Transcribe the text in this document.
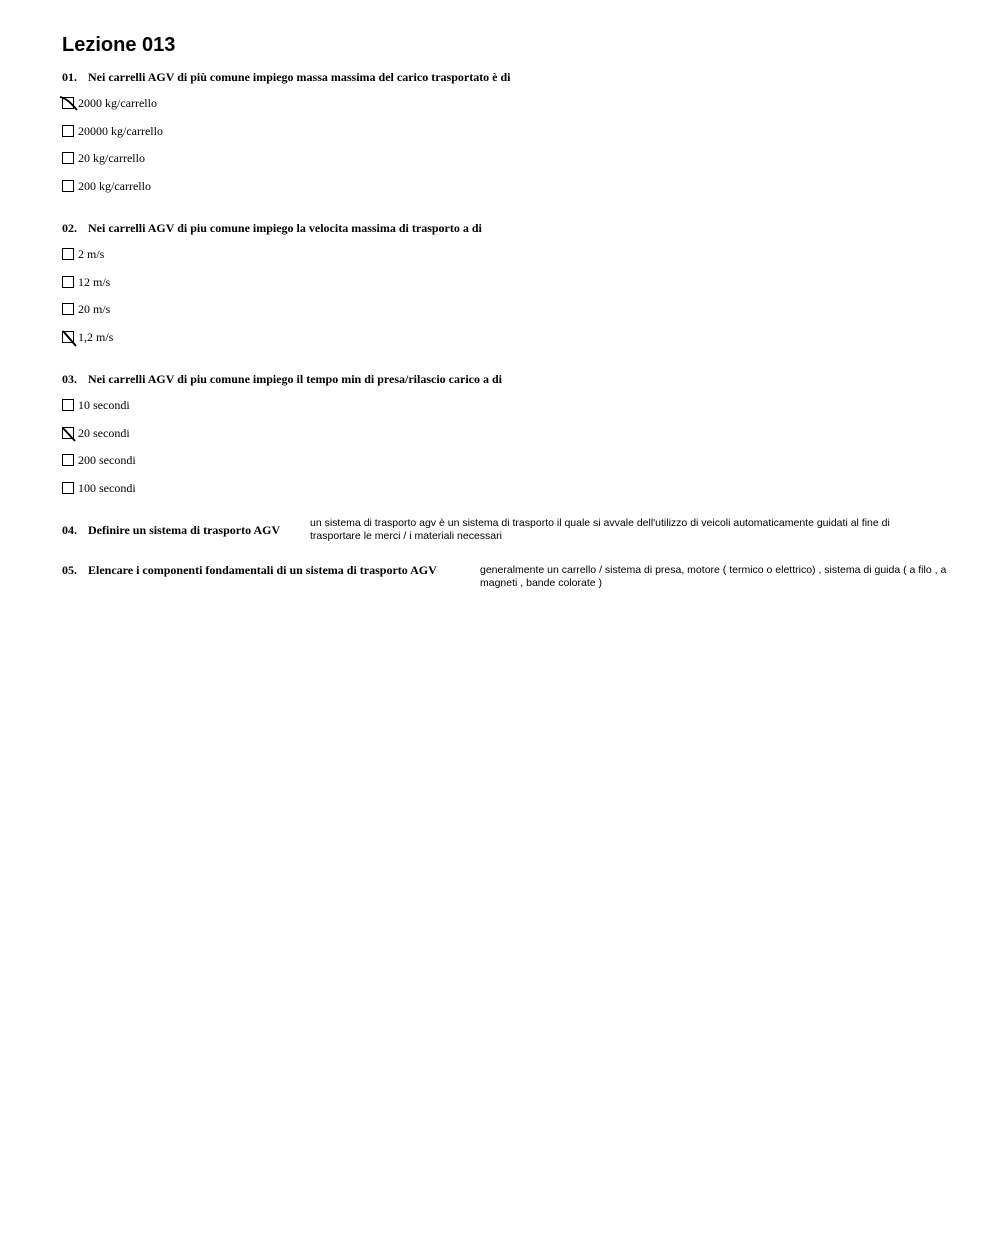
Lezione 013
01. Nei carrelli AGV di più comune impiego massa massima del carico trasportato è di
2000 kg/carrello
20000 kg/carrello
20 kg/carrello
200 kg/carrello
02. Nei carrelli AGV di piu comune impiego la velocita massima di trasporto a di
2 m/s
12 m/s
20 m/s
1,2 m/s
03. Nei carrelli AGV di piu comune impiego il tempo min di presa/rilascio carico a di
10 secondi
20 secondi
200 secondi
100 secondi
04. Definire un sistema di trasporto AGV	un sistema di trasporto agv è un sistema di trasporto il quale si avvale dell'utilizzo di veicoli automaticamente guidati al fine di
trasportare le merci / i materiali necessari
05. Elencare i componenti fondamentali di un sistema di trasporto AGV	generalmente un carrello / sistema di presa, motore ( termico o elettrico) , sistema di guida ( a filo , a
magneti , bande colorate )
